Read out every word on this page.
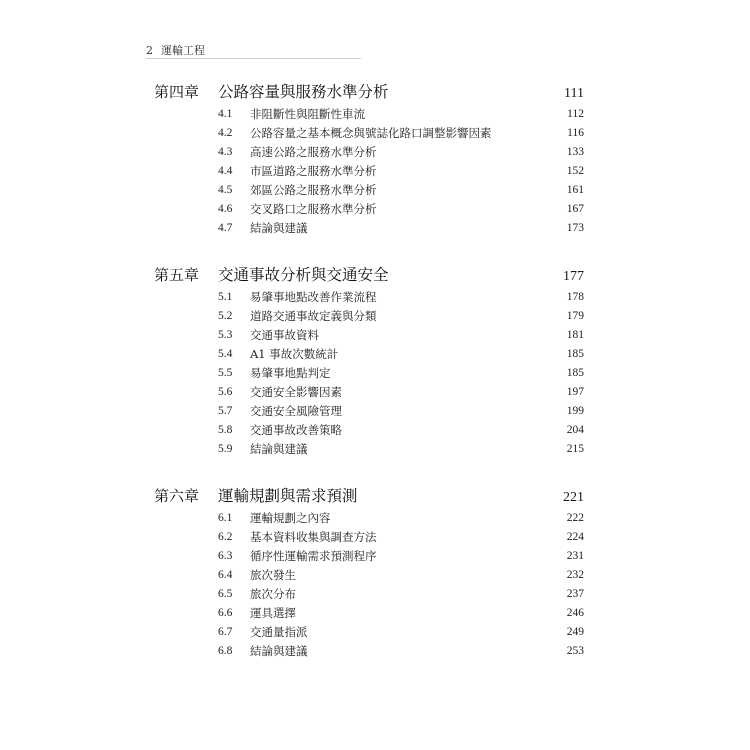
2 運輸工程
第四章	公路容量與服務水準分析	111
4.1	非阻斷性與阻斷性車流	112
4.2	公路容量之基本概念與號誌化路口調整影響因素	116
4.3	高速公路之服務水準分析	133
4.4	市區道路之服務水準分析	152
4.5	郊區公路之服務水準分析	161
4.6	交叉路口之服務水準分析	167
4.7	結論與建議	173
第五章	交通事故分析與交通安全	177
5.1	易肇事地點改善作業流程	178
5.2	道路交通事故定義與分類	179
5.3	交通事故資料	181
5.4	A1 事故次數統計	185
5.5	易肇事地點判定	185
5.6	交通安全影響因素	197
5.7	交通安全風險管理	199
5.8	交通事故改善策略	204
5.9	結論與建議	215
第六章	運輸規劃與需求預測	221
6.1	運輸規劃之內容	222
6.2	基本資料收集與調查方法	224
6.3	循序性運輸需求預測程序	231
6.4	旅次發生	232
6.5	旅次分布	237
6.6	運具選擇	246
6.7	交通量指派	249
6.8	結論與建議	253
